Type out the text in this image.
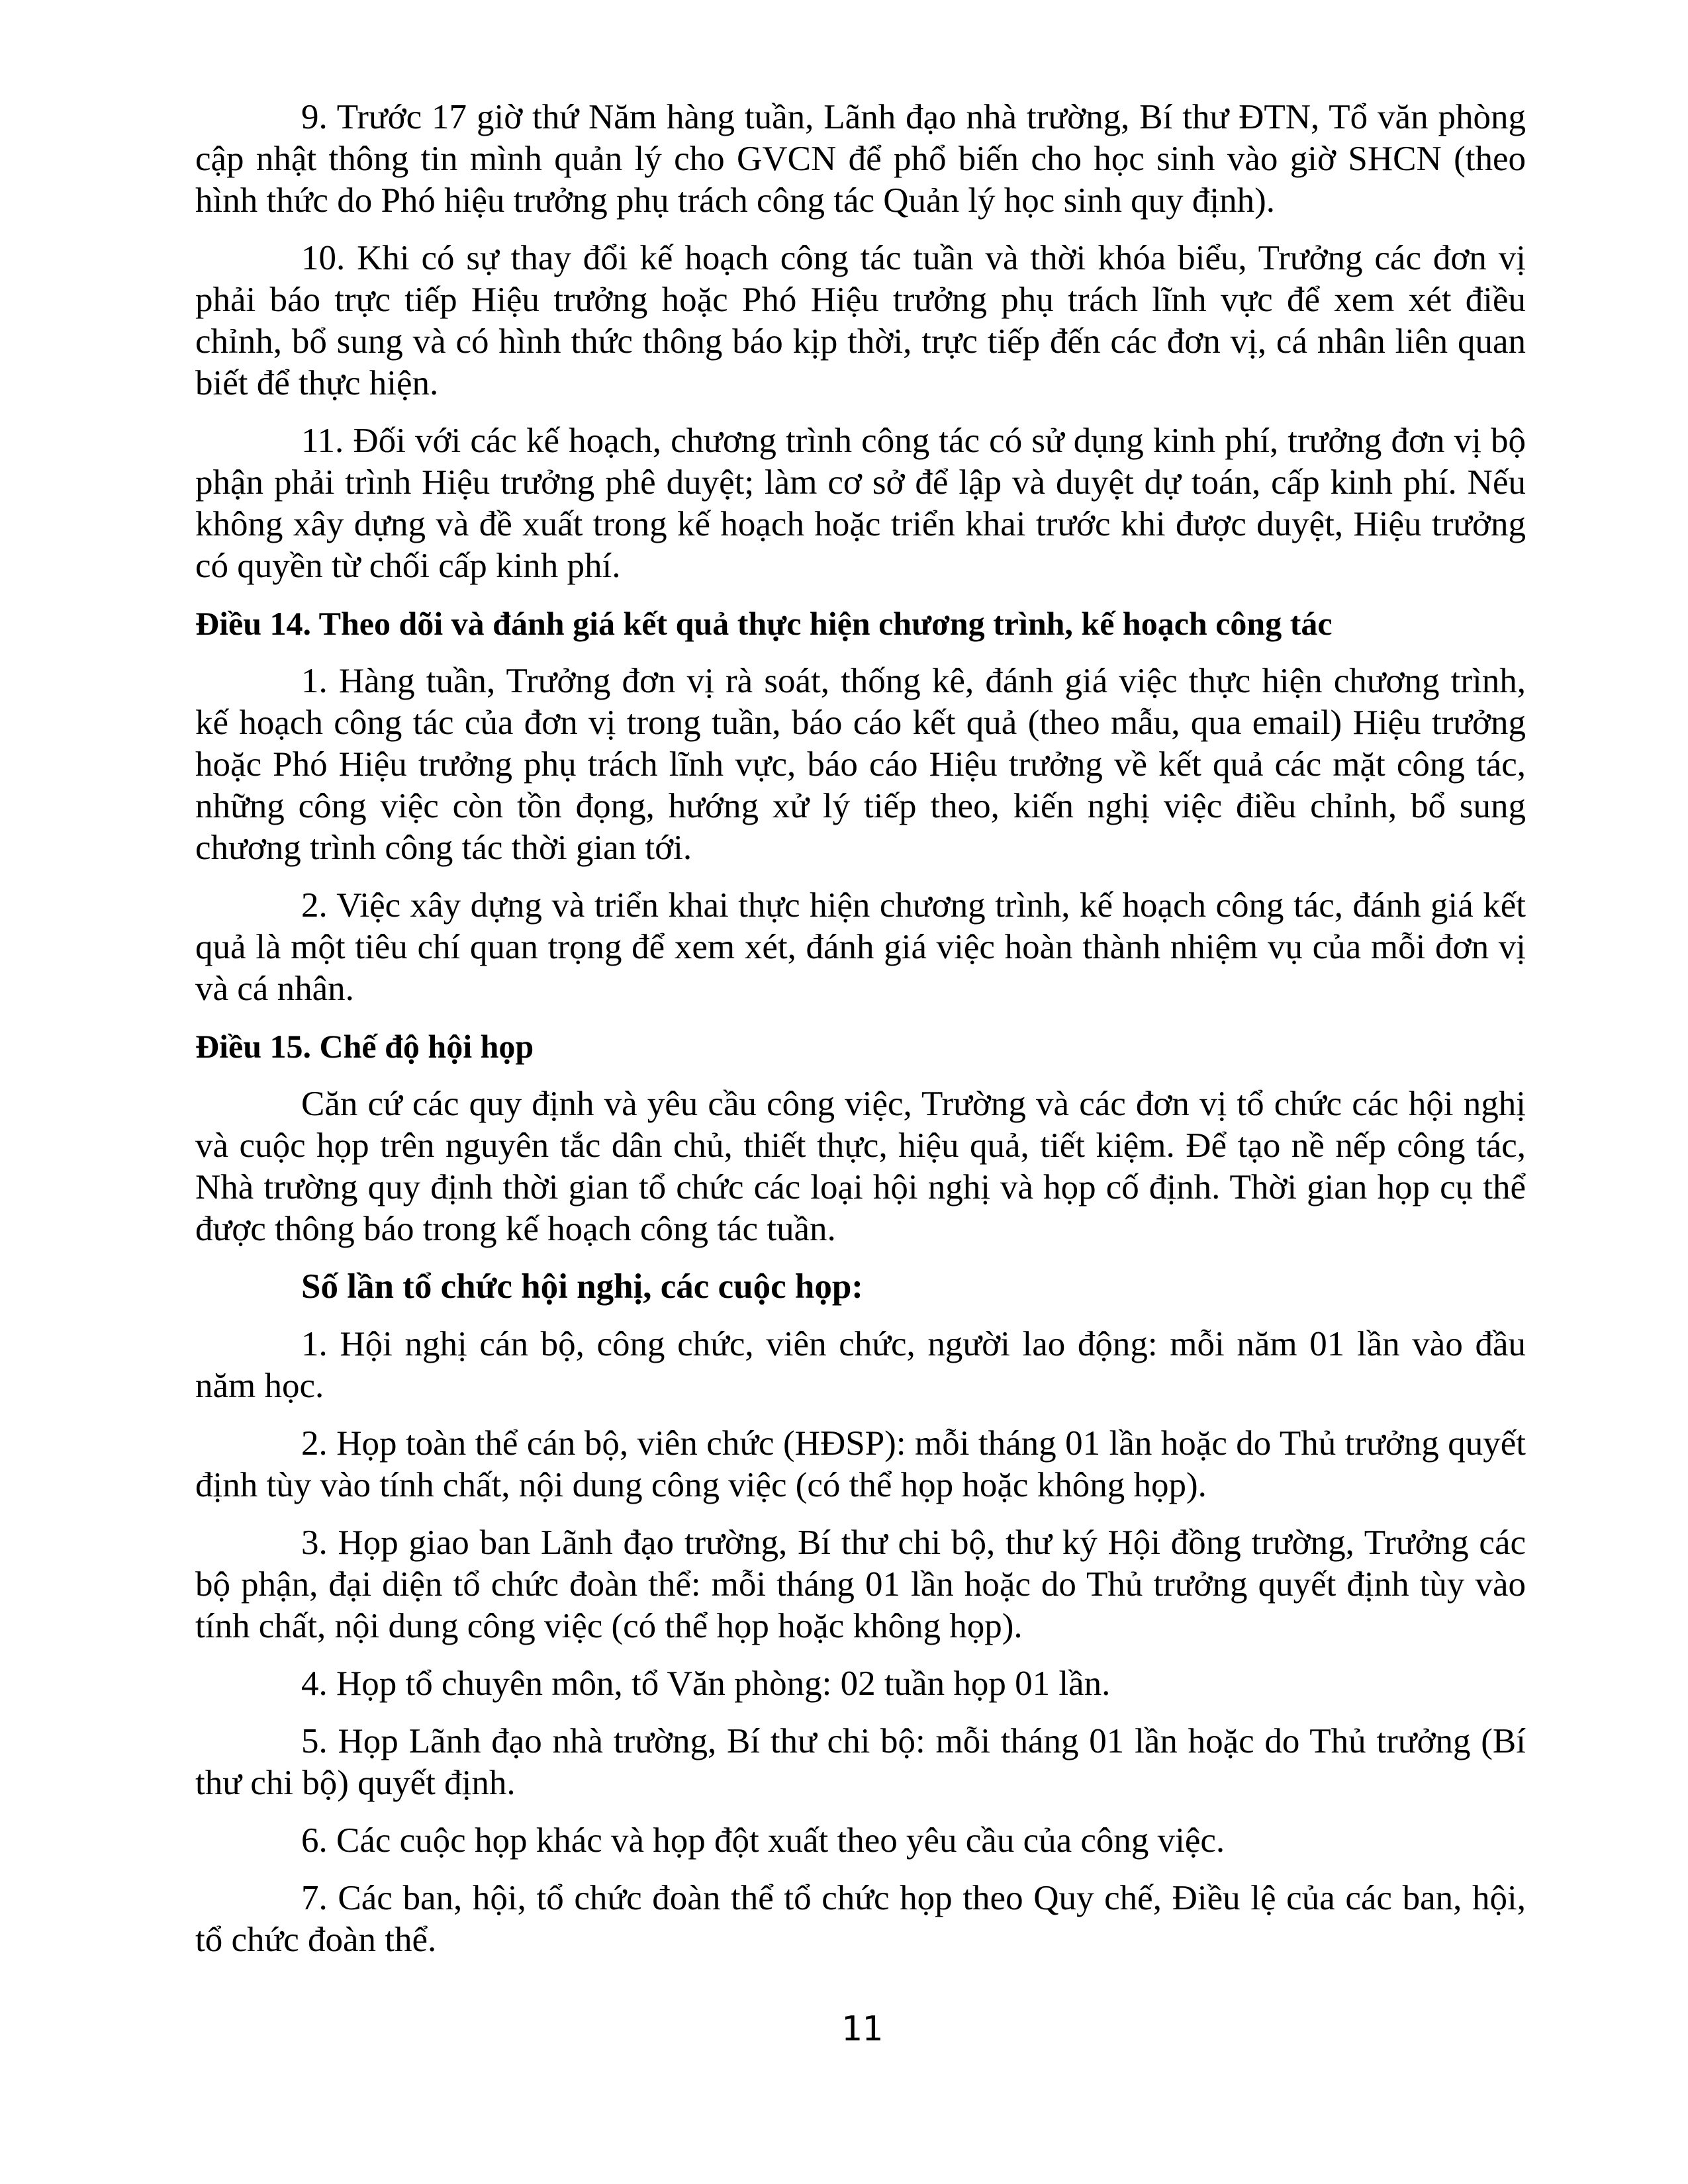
9. Trước 17 giờ thứ Năm hàng tuần, Lãnh đạo nhà trường, Bí thư ĐTN, Tổ văn phòng cập nhật thông tin mình quản lý cho GVCN để phổ biến cho học sinh vào giờ SHCN (theo hình thức do Phó hiệu trưởng phụ trách công tác Quản lý học sinh quy định).

10. Khi có sự thay đổi kế hoạch công tác tuần và thời khóa biểu, Trưởng các đơn vị phải báo trực tiếp Hiệu trưởng hoặc Phó Hiệu trưởng phụ trách lĩnh vực để xem xét điều chỉnh, bổ sung và có hình thức thông báo kịp thời, trực tiếp đến các đơn vị, cá nhân liên quan biết để thực hiện.

11. Đối với các kế hoạch, chương trình công tác có sử dụng kinh phí, trưởng đơn vị bộ phận phải trình Hiệu trưởng phê duyệt; làm cơ sở để lập và duyệt dự toán, cấp kinh phí. Nếu không xây dựng và đề xuất trong kế hoạch hoặc triển khai trước khi được duyệt, Hiệu trưởng có quyền từ chối cấp kinh phí.

Điều 14. Theo dõi và đánh giá kết quả thực hiện chương trình, kế hoạch công tác

1. Hàng tuần, Trưởng đơn vị rà soát, thống kê, đánh giá việc thực hiện chương trình, kế hoạch công tác của đơn vị trong tuần, báo cáo kết quả (theo mẫu, qua email) Hiệu trưởng hoặc Phó Hiệu trưởng phụ trách lĩnh vực, báo cáo Hiệu trưởng về kết quả các mặt công tác, những công việc còn tồn đọng, hướng xử lý tiếp theo, kiến nghị việc điều chỉnh, bổ sung chương trình công tác thời gian tới.

2. Việc xây dựng và triển khai thực hiện chương trình, kế hoạch công tác, đánh giá kết quả là một tiêu chí quan trọng để xem xét, đánh giá việc hoàn thành nhiệm vụ của mỗi đơn vị và cá nhân.

Điều 15. Chế độ hội họp

Căn cứ các quy định và yêu cầu công việc, Trường và các đơn vị tổ chức các hội nghị và cuộc họp trên nguyên tắc dân chủ, thiết thực, hiệu quả, tiết kiệm. Để tạo nề nếp công tác, Nhà trường quy định thời gian tổ chức các loại hội nghị và họp cố định. Thời gian họp cụ thể được thông báo trong kế hoạch công tác tuần.

Số lần tổ chức hội nghị, các cuộc họp:

1. Hội nghị cán bộ, công chức, viên chức, người lao động: mỗi năm 01 lần vào đầu năm học.

2. Họp toàn thể cán bộ, viên chức (HĐSP): mỗi tháng 01 lần hoặc do Thủ trưởng quyết định tùy vào tính chất, nội dung công việc (có thể họp hoặc không họp).

3. Họp giao ban Lãnh đạo trường, Bí thư chi bộ, thư ký Hội đồng trường, Trưởng các bộ phận, đại diện tổ chức đoàn thể: mỗi tháng 01 lần hoặc do Thủ trưởng quyết định tùy vào tính chất, nội dung công việc (có thể họp hoặc không họp).

4. Họp tổ chuyên môn, tổ Văn phòng: 02 tuần họp 01 lần.

5. Họp Lãnh đạo nhà trường, Bí thư chi bộ: mỗi tháng 01 lần hoặc do Thủ trưởng (Bí thư chi bộ) quyết định.

6. Các cuộc họp khác và họp đột xuất theo yêu cầu của công việc.

7. Các ban, hội, tổ chức đoàn thể tổ chức họp theo Quy chế, Điều lệ của các ban, hội, tổ chức đoàn thể.

11
